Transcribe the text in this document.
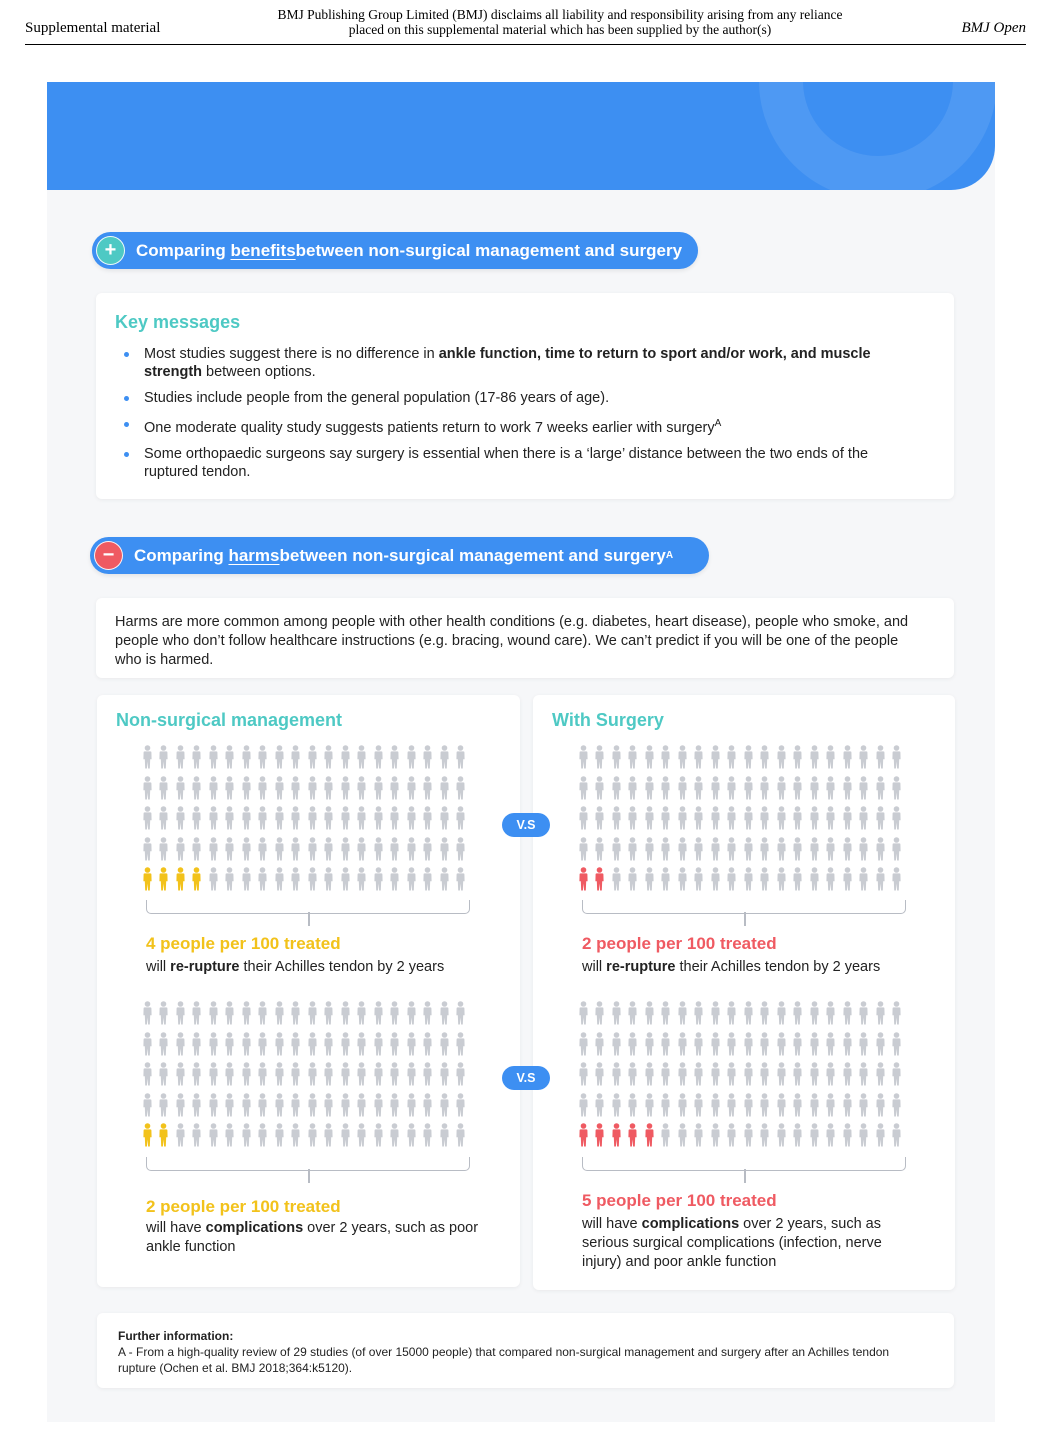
Supplemental material
BMJ Publishing Group Limited (BMJ) disclaims all liability and responsibility arising from any reliance
placed on this supplemental material which has been supplied by the author(s)	BMJ Open
+	Comparing
benefits between non-surgical management and surgery
Key messages
Most studies suggest there is no difference in ankle function, time to return to sport and/or work, and muscle strength between options.
Studies include people from the general population (17-86 years of age).
One moderate quality study suggests patients return to work 7 weeks earlier with surgery$^A$
Some orthopaedic surgeons say surgery is essential when there is a ‘large’ distance between the two ends of the ruptured tendon.
−	Comparing
harms between non-surgical management and surgery A

Harms are more common among people with other health conditions (e.g. diabetes, heart disease), people who smoke, and people who don’t follow healthcare instructions (e.g. bracing, wound care). We can’t predict if you will be one of the people who is harmed.

Non-surgical management	With Surgery
V.S
4 people per 100 treated

will re-rupture their Achilles tendon by 2 years

2 people per 100 treated

will re-rupture their Achilles tendon by 2 years

V.S
2 people per 100 treated

will have complications over 2 years, such as poor ankle function

5 people per 100 treated

will have complications over 2 years, such as serious surgical complications (infection, nerve injury) and poor ankle function

Further information:
A - From a high-quality review of 29 studies (of over 15000 people) that compared non-surgical management and surgery after an Achilles tendon rupture (Ochen et al. BMJ 2018;364:k5120).
